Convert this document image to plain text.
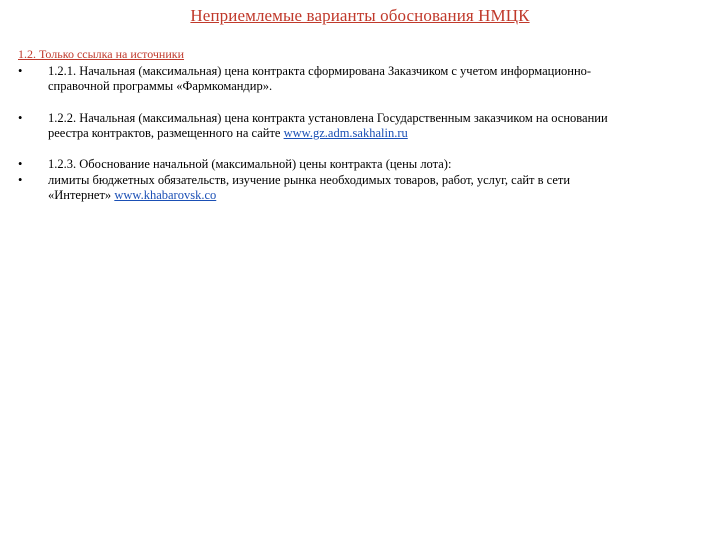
Неприемлемые варианты обоснования НМЦК
1.2. Только ссылка на источники
•	1.2.1. Начальная (максимальная) цена контракта сформирована Заказчиком с учетом информационно-
справочной программы «Фармкомандир».
•	1.2.2. Начальная (максимальная) цена контракта установлена Государственным заказчиком на основании
реестра контрактов, размещенного на сайте www.gz.adm.sakhalin.ru
•	1.2.3. Обоснование начальной (максимальной) цены контракта (цены лота):
•	лимиты бюджетных обязательств, изучение рынка необходимых товаров, работ, услуг, сайт в сети
«Интернет» www.khabarovsk.co
